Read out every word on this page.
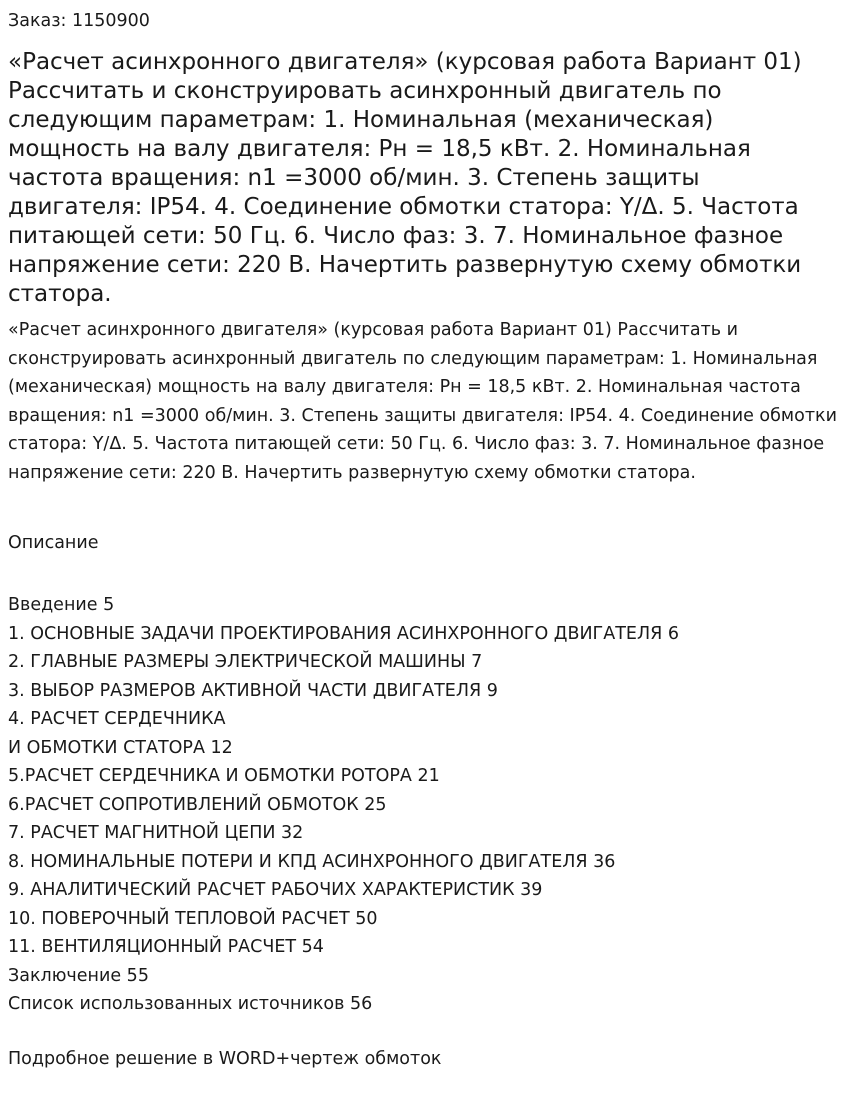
Заказ: 1150900
«Расчет асинхронного двигателя» (курсовая работа Вариант 01) Рассчитать и сконструировать асинхронный двигатель по следующим параметрам: 1. Номинальная (механическая) мощность на валу двигателя: Рн = 18,5 кВт. 2. Номинальная частота вращения: n1 =3000 об/мин. 3. Степень защиты двигателя: IP54. 4. Соединение обмотки статора: Y/Δ. 5. Частота питающей сети: 50 Гц. 6. Число фаз: 3. 7. Номинальное фазное напряжение сети: 220 В. Начертить развернутую схему обмотки статора.

«Расчет асинхронного двигателя» (курсовая работа Вариант 01) Рассчитать и сконструировать асинхронный двигатель по следующим параметрам: 1. Номинальная (механическая) мощность на валу двигателя: Рн = 18,5 кВт. 2. Номинальная частота вращения: n1 =3000 об/мин. 3. Степень защиты двигателя: IP54. 4. Соединение обмотки статора: Y/Δ. 5. Частота питающей сети: 50 Гц. 6. Число фаз: 3. 7. Номинальное фазное напряжение сети: 220 В. Начертить развернутую схему обмотки статора.

Описание
Введение 5
1. ОСНОВНЫЕ ЗАДАЧИ ПРОЕКТИРОВАНИЯ АСИНХРОННОГО ДВИГАТЕЛЯ 6
2. ГЛАВНЫЕ РАЗМЕРЫ ЭЛЕКТРИЧЕСКОЙ МАШИНЫ 7
3. ВЫБОР РАЗМЕРОВ АКТИВНОЙ ЧАСТИ ДВИГАТЕЛЯ 9
4. РАСЧЕТ СЕРДЕЧНИКА
И ОБМОТКИ СТАТОРА 12
5.РАСЧЕТ СЕРДЕЧНИКА И ОБМОТКИ РОТОРА 21
6.РАСЧЕТ СОПРОТИВЛЕНИЙ ОБМОТОК 25
7. РАСЧЕТ МАГНИТНОЙ ЦЕПИ 32
8. НОМИНАЛЬНЫЕ ПОТЕРИ И КПД АСИНХРОННОГО ДВИГАТЕЛЯ 36
9. АНАЛИТИЧЕСКИЙ РАСЧЕТ РАБОЧИХ ХАРАКТЕРИСТИК 39
10. ПОВЕРОЧНЫЙ ТЕПЛОВОЙ РАСЧЕТ 50
11. ВЕНТИЛЯЦИОННЫЙ РАСЧЕТ 54
Заключение 55
Список использованных источников 56

Подробное решение в WORD+чертеж обмоток
